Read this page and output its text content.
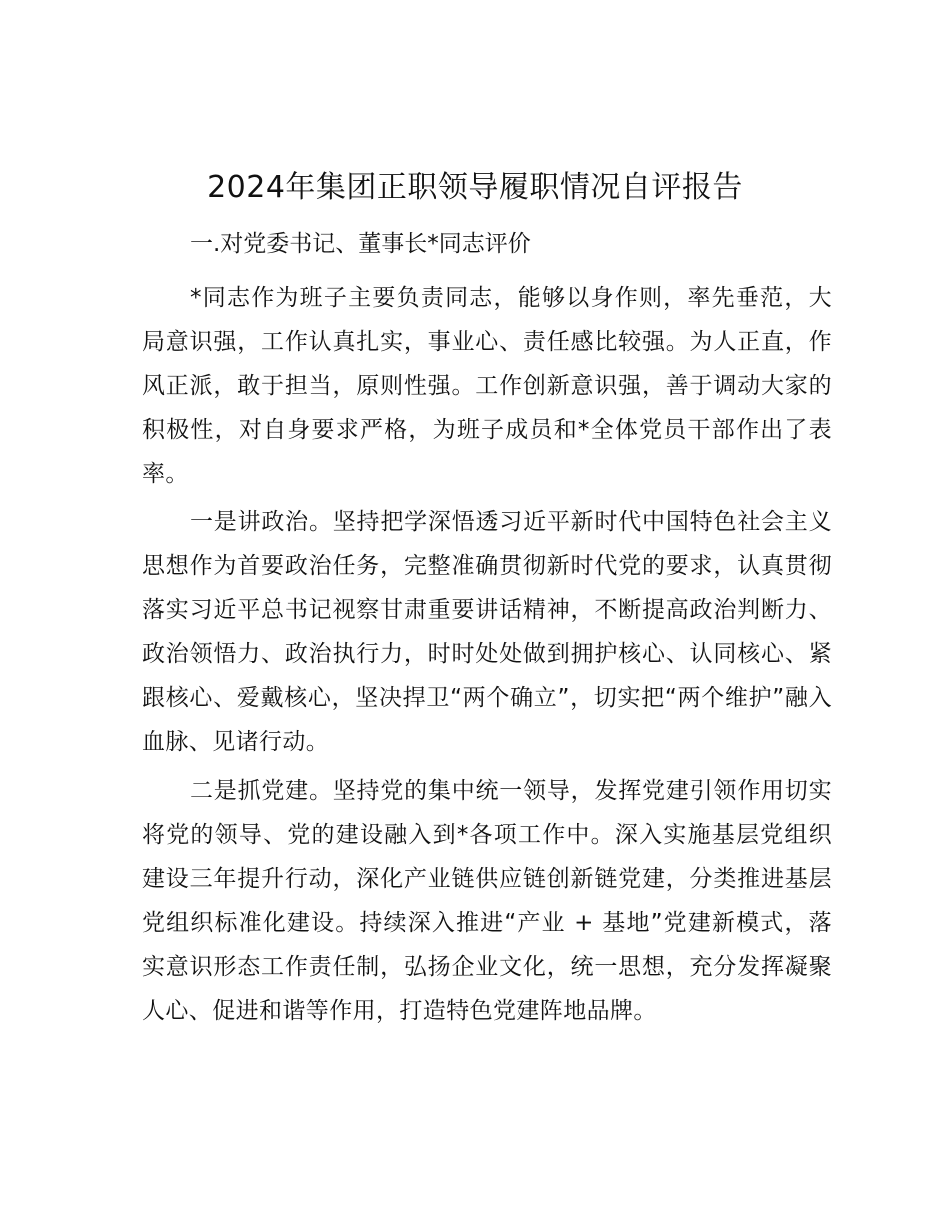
2024年集团正职领导履职情况自评报告

一.对党委书记、董事长*同志评价

*同志作为班子主要负责同志，能够以身作则，率先垂范，大局意识强，工作认真扎实，事业心、责任感比较强。为人正直，作风正派，敢于担当，原则性强。工作创新意识强，善于调动大家的积极性，对自身要求严格，为班子成员和*全体党员干部作出了表率。

一是讲政治。坚持把学深悟透习近平新时代中国特色社会主义思想作为首要政治任务，完整准确贯彻新时代党的要求，认真贯彻落实习近平总书记视察甘肃重要讲话精神，不断提高政治判断力、政治领悟力、政治执行力，时时处处做到拥护核心、认同核心、紧跟核心、爱戴核心，坚决捍卫“两个确立”，切实把“两个维护”融入血脉、见诸行动。

二是抓党建。坚持党的集中统一领导，发挥党建引领作用切实将党的领导、党的建设融入到*各项工作中。深入实施基层党组织建设三年提升行动，深化产业链供应链创新链党建，分类推进基层党组织标准化建设。持续深入推进“产业 + 基地”党建新模式，落实意识形态工作责任制，弘扬企业文化，统一思想，充分发挥凝聚人心、促进和谐等作用，打造特色党建阵地品牌。
